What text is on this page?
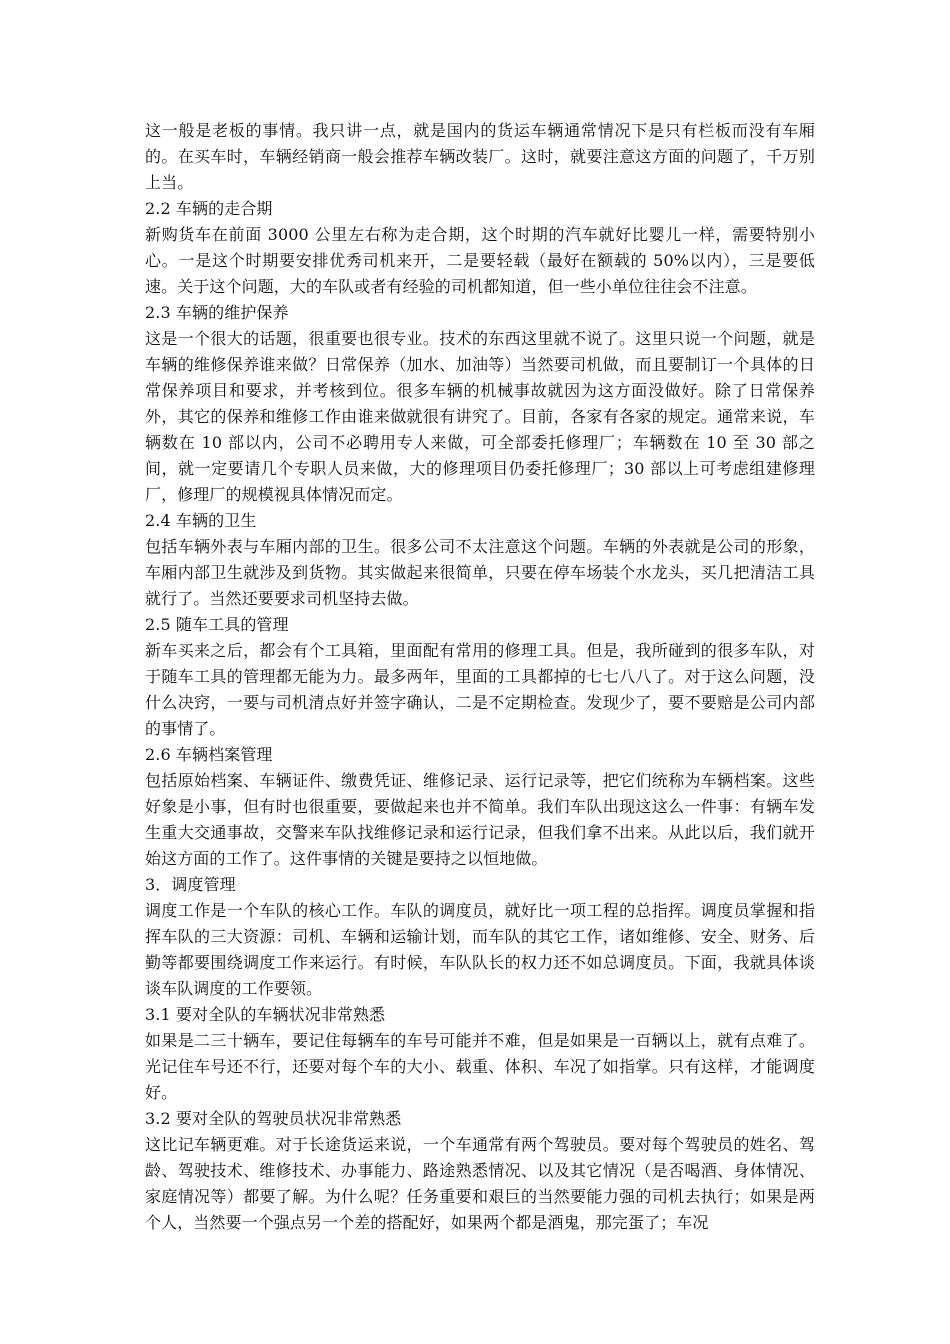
这一般是老板的事情。我只讲一点，就是国内的货运车辆通常情况下是只有栏板而没有车厢的。在买车时，车辆经销商一般会推荐车辆改装厂。这时，就要注意这方面的问题了，千万别上当。

2.2 车辆的走合期

新购货车在前面 3000 公里左右称为走合期，这个时期的汽车就好比婴儿一样，需要特别小心。一是这个时期要安排优秀司机来开，二是要轻载（最好在额载的 50%以内），三是要低速。关于这个问题，大的车队或者有经验的司机都知道，但一些小单位往往会不注意。

2.3 车辆的维护保养

这是一个很大的话题，很重要也很专业。技术的东西这里就不说了。这里只说一个问题，就是车辆的维修保养谁来做？日常保养（加水、加油等）当然要司机做，而且要制订一个具体的日常保养项目和要求，并考核到位。很多车辆的机械事故就因为这方面没做好。除了日常保养外，其它的保养和维修工作由谁来做就很有讲究了。目前，各家有各家的规定。通常来说，车辆数在 10 部以内，公司不必聘用专人来做，可全部委托修理厂；车辆数在 10 至 30 部之间，就一定要请几个专职人员来做，大的修理项目仍委托修理厂；30 部以上可考虑组建修理厂，修理厂的规模视具体情况而定。

2.4 车辆的卫生

包括车辆外表与车厢内部的卫生。很多公司不太注意这个问题。车辆的外表就是公司的形象，车厢内部卫生就涉及到货物。其实做起来很简单，只要在停车场装个水龙头，买几把清洁工具就行了。当然还要要求司机坚持去做。

2.5 随车工具的管理

新车买来之后，都会有个工具箱，里面配有常用的修理工具。但是，我所碰到的很多车队，对于随车工具的管理都无能为力。最多两年，里面的工具都掉的七七八八了。对于这么问题，没什么决窍，一要与司机清点好并签字确认，二是不定期检查。发现少了，要不要赔是公司内部的事情了。

2.6 车辆档案管理

包括原始档案、车辆证件、缴费凭证、维修记录、运行记录等，把它们统称为车辆档案。这些好象是小事，但有时也很重要，要做起来也并不简单。我们车队出现这这么一件事：有辆车发生重大交通事故，交警来车队找维修记录和运行记录，但我们拿不出来。从此以后，我们就开始这方面的工作了。这件事情的关键是要持之以恒地做。

3．调度管理

调度工作是一个车队的核心工作。车队的调度员，就好比一项工程的总指挥。调度员掌握和指挥车队的三大资源：司机、车辆和运输计划，而车队的其它工作，诸如维修、安全、财务、后勤等都要围绕调度工作来运行。有时候，车队队长的权力还不如总调度员。下面，我就具体谈谈车队调度的工作要领。

3.1 要对全队的车辆状况非常熟悉

如果是二三十辆车，要记住每辆车的车号可能并不难，但是如果是一百辆以上，就有点难了。光记住车号还不行，还要对每个车的大小、载重、体积、车况了如指掌。只有这样，才能调度好。

3.2 要对全队的驾驶员状况非常熟悉

这比记车辆更难。对于长途货运来说，一个车通常有两个驾驶员。要对每个驾驶员的姓名、驾龄、驾驶技术、维修技术、办事能力、路途熟悉情况、以及其它情况（是否喝酒、身体情况、家庭情况等）都要了解。为什么呢？任务重要和艰巨的当然要能力强的司机去执行；如果是两个人，当然要一个强点另一个差的搭配好，如果两个都是酒鬼，那完蛋了；车况
